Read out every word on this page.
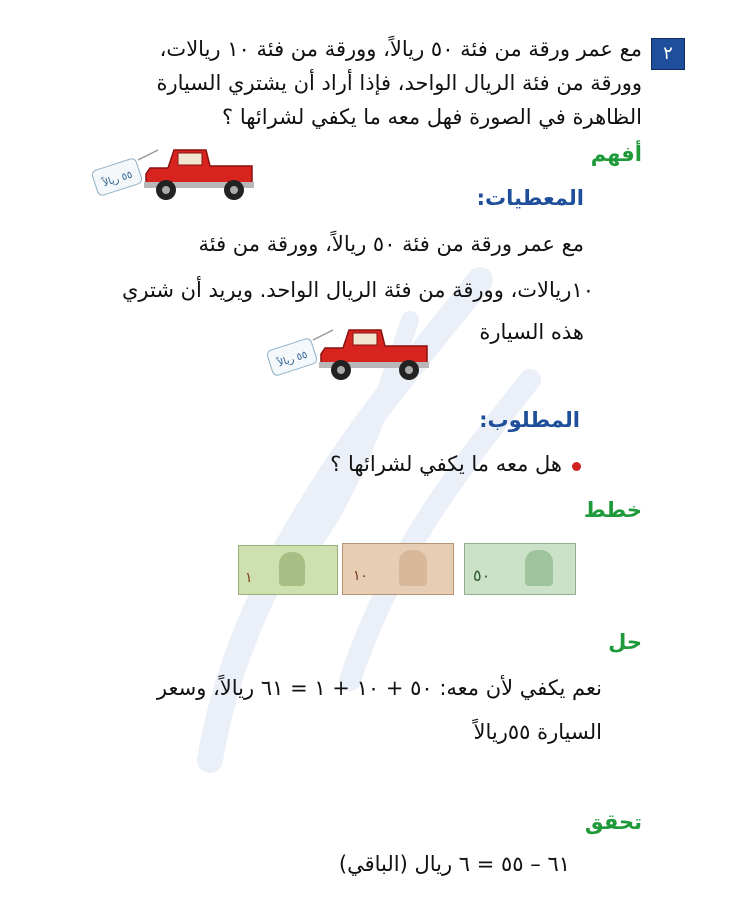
٢
مع عمر ورقة من فئة ٥٠ ريالاً، وورقة من فئة ١٠ ريالات،
وورقة من فئة الريال الواحد، فإذا أراد أن يشتري السيارة
الظاهرة في الصورة فهل معه ما يكفي لشرائها ؟
أفهم
٥٥ ريالاً
المعطيات:
مع عمر ورقة من فئة ٥٠ ريالاً، وورقة من فئة
١٠ريالات، وورقة من فئة الريال الواحد. ويريد أن شتري
هذه السيارة
٥٥ ريالاً
المطلوب:
هل معه ما يكفي لشرائها ؟
خطط
١	١٠	٥٠
حل
نعم يكفي لأن معه: ٥٠ + ١٠ + ١ = ٦١ ريالاً، وسعر
السيارة ٥٥ريالاً
تحقق
٦١ – ٥٥ = ٦ ريال (الباقي)
